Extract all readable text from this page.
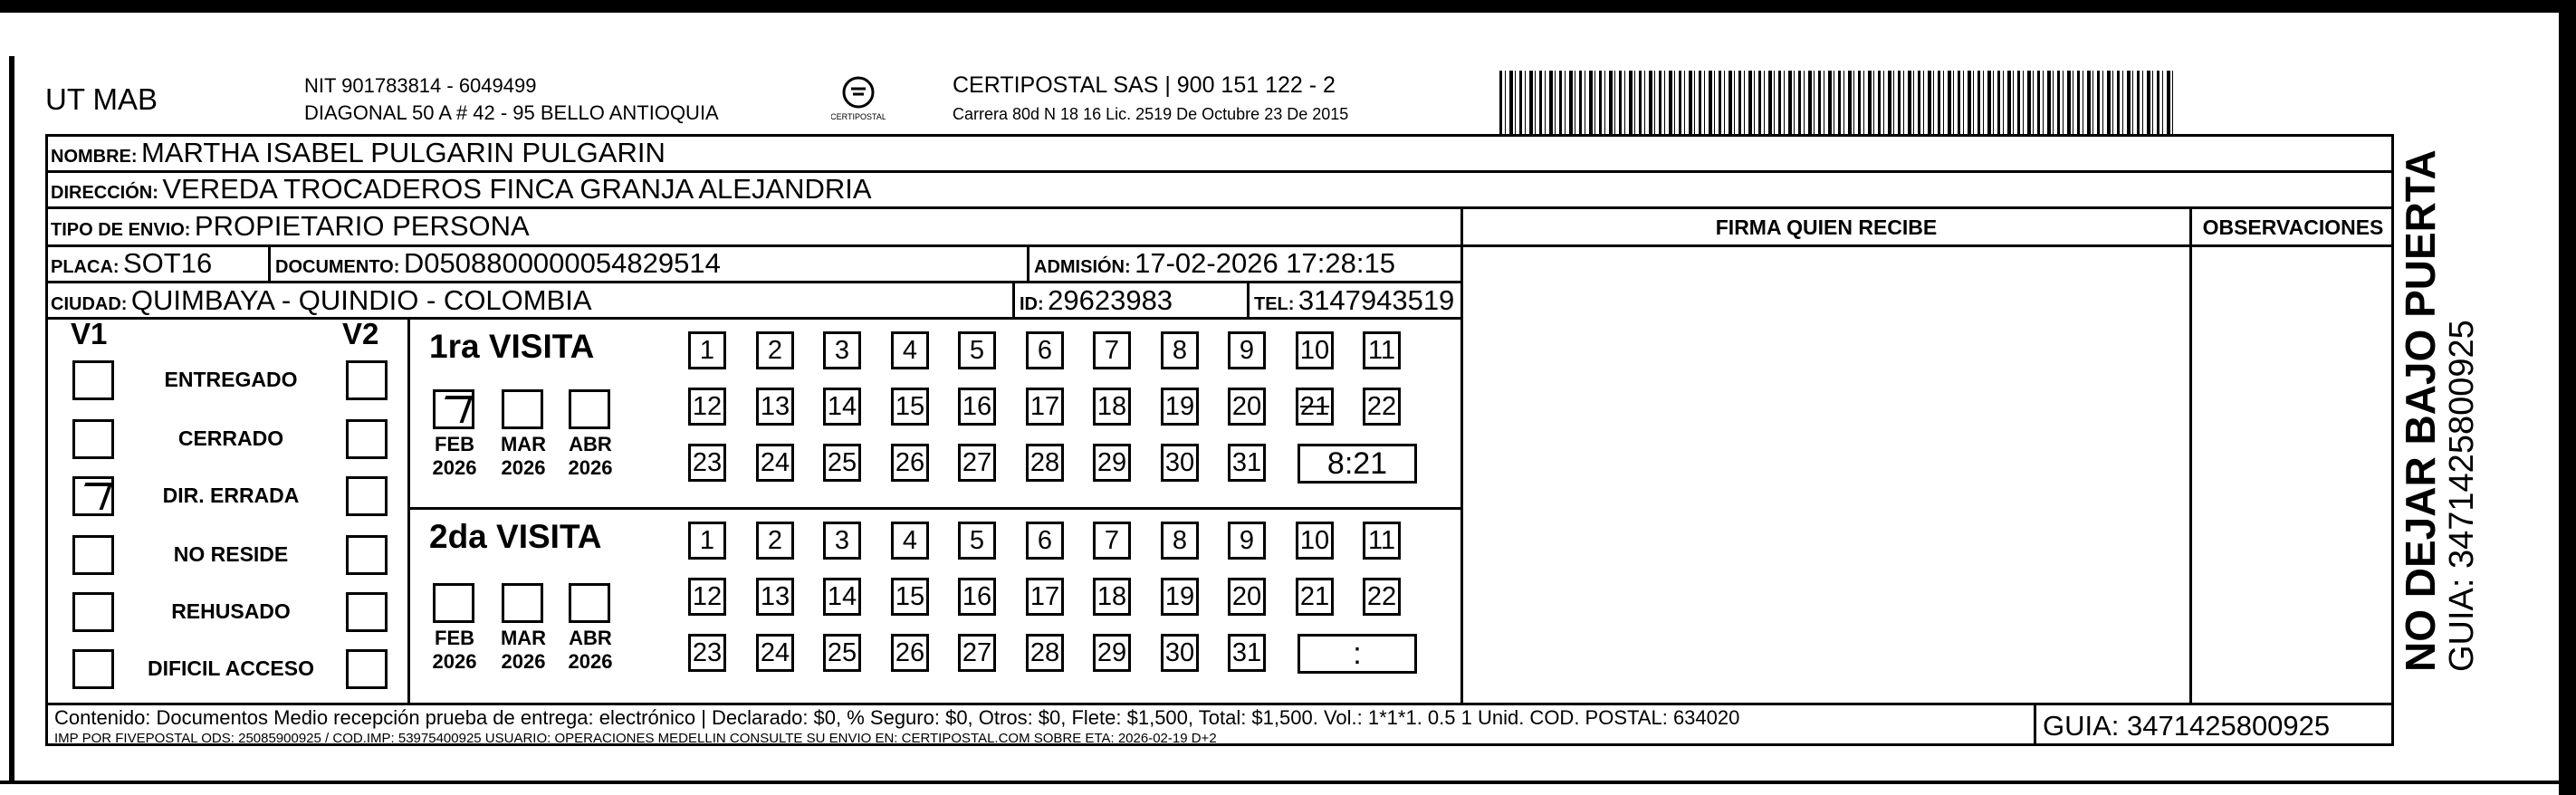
UT MAB	NIT 901783814 - 6049499
DIAGONAL 50 A # 42 - 95 BELLO ANTIOQUIA	CERTIPOSTAL
CERTIPOSTAL SAS | 900 151 122 - 2
Carrera 80d N 18 16 Lic. 2519 De Octubre 23 De 2015
NOMBRE: MARTHA ISABEL PULGARIN PULGARIN
DIRECCIÓN: VEREDA TROCADEROS FINCA GRANJA ALEJANDRIA
TIPO DE ENVIO: PROPIETARIO PERSONA
PLACA: SOT16	DOCUMENTO: D0508800000054829514	ADMISIÓN: 17-02-2026 17:28:15
CIUDAD: QUIMBAYA - QUINDIO - COLOMBIA	ID: 29623983	TEL: 3147943519
FIRMA QUIEN RECIBE	OBSERVACIONES
V1	V2
ENTREGADO
CERRADO
DIR. ERRADA
NO RESIDE
REHUSADO
DIFICIL ACCESO
1ra VISITA
FEB
2026
MAR
2026
ABR
2026
1	2	3	4	5	6	7	8	9	10 11
12 13 14 15 16 17 18 19 20 21 22
23 24 25 26 27 28 29 30 31	8:21
2da VISITA
FEB
2026
MAR
2026
ABR
2026
1	2	3	4	5	6	7	8	9	10 11
12 13 14 15 16 17 18 19 20 21 22
23 24 25 26 27 28 29 30 31	:
Contenido: Documentos Medio recepción prueba de entrega: electrónico | Declarado: $0, % Seguro: $0, Otros: $0, Flete: $1,500, Total: $1,500. Vol.: 1*1*1. 0.5 1 Unid. COD. POSTAL: 634020
IMP POR FIVEPOSTAL ODS: 25085900925 / COD.IMP: 53975400925 USUARIO: OPERACIONES MEDELLIN CONSULTE SU ENVIO EN: CERTIPOSTAL.COM SOBRE ETA: 2026-02-19 D+2	GUIA: 3471425800925
NO DEJAR BAJO PUERTA
GUIA: 3471425800925
